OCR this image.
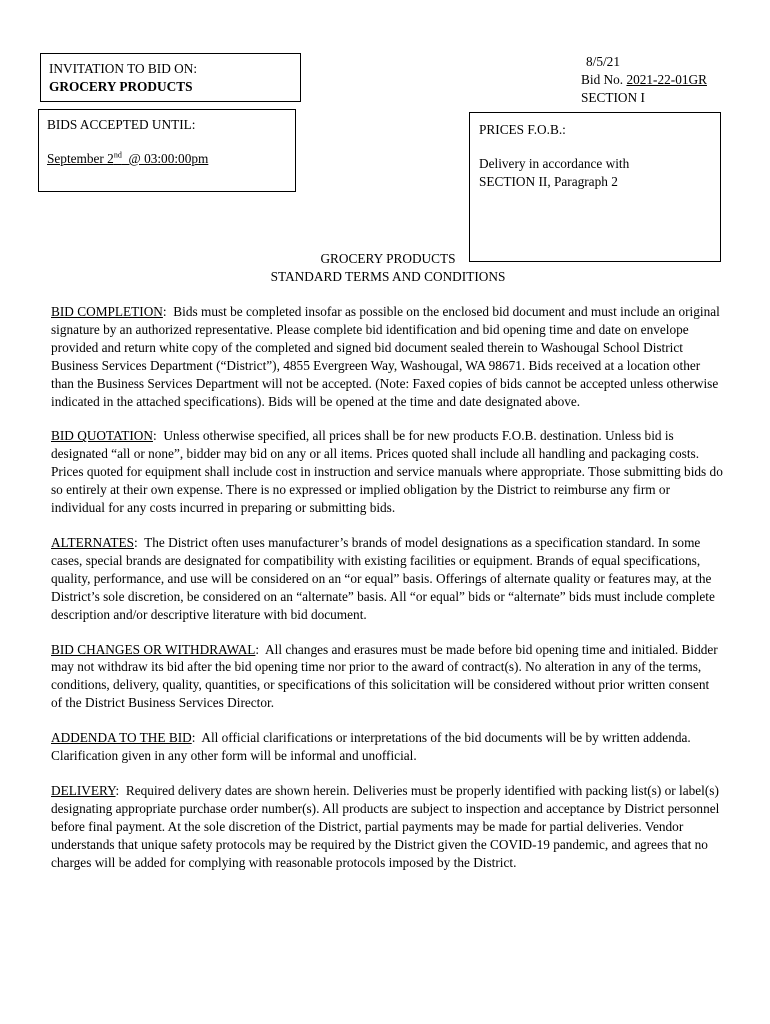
INVITATION TO BID ON:
GROCERY PRODUCTS
BIDS ACCEPTED UNTIL:
September 2nd @ 03:00:00pm
8/5/21
Bid No. 2021-22-01GR
SECTION I
PRICES F.O.B.:
Delivery in accordance with
SECTION II, Paragraph 2
GROCERY PRODUCTS
STANDARD TERMS AND CONDITIONS

BID COMPLETION:  Bids must be completed insofar as possible on the enclosed bid document and must include an original signature by an authorized representative. Please complete bid identification and bid opening time and date on envelope provided and return white copy of the completed and signed bid document sealed therein to Washougal School District Business Services Department (“District”), 4855 Evergreen Way, Washougal, WA 98671. Bids received at a location other than the Business Services Department will not be accepted. (Note: Faxed copies of bids cannot be accepted unless otherwise indicated in the attached specifications). Bids will be opened at the time and date designated above.

BID QUOTATION:  Unless otherwise specified, all prices shall be for new products F.O.B. destination. Unless bid is designated “all or none”, bidder may bid on any or all items. Prices quoted shall include all handling and packaging costs. Prices quoted for equipment shall include cost in instruction and service manuals where appropriate. Those submitting bids do so entirely at their own expense. There is no expressed or implied obligation by the District to reimburse any firm or individual for any costs incurred in preparing or submitting bids.

ALTERNATES:  The District often uses manufacturer’s brands of model designations as a specification standard. In some cases, special brands are designated for compatibility with existing facilities or equipment. Brands of equal specifications, quality, performance, and use will be considered on an “or equal” basis. Offerings of alternate quality or features may, at the District’s sole discretion, be considered on an “alternate” basis. All “or equal” bids or “alternate” bids must include complete description and/or descriptive literature with bid document.

BID CHANGES OR WITHDRAWAL:  All changes and erasures must be made before bid opening time and initialed. Bidder may not withdraw its bid after the bid opening time nor prior to the award of contract(s). No alteration in any of the terms, conditions, delivery, quality, quantities, or specifications of this solicitation will be considered without prior written consent of the District Business Services Director.

ADDENDA TO THE BID:  All official clarifications or interpretations of the bid documents will be by written addenda. Clarification given in any other form will be informal and unofficial.

DELIVERY:  Required delivery dates are shown herein. Deliveries must be properly identified with packing list(s) or label(s) designating appropriate purchase order number(s). All products are subject to inspection and acceptance by District personnel before final payment. At the sole discretion of the District, partial payments may be made for partial deliveries. Vendor understands that unique safety protocols may be required by the District given the COVID-19 pandemic, and agrees that no charges will be added for complying with reasonable protocols imposed by the District.
